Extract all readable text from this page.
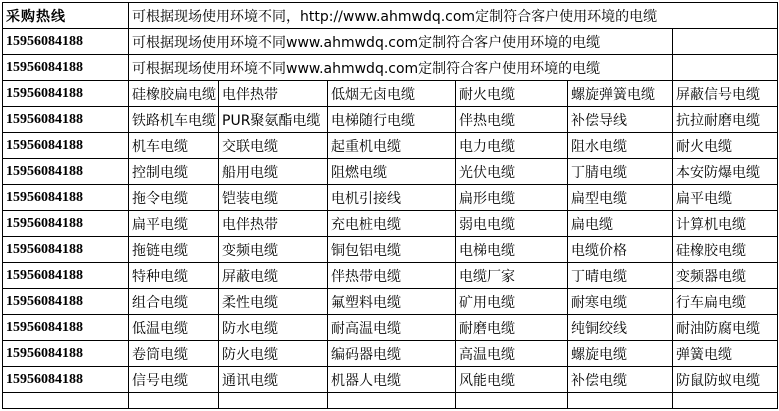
采购热线	可根据现场使用环境不同，http://www.ahmwdq.com定制符合客户使用环境的电缆					
15956084188	可根据现场使用环境不同www.ahmwdq.com定制符合客户使用环境的电缆					
15956084188	可根据现场使用环境不同www.ahmwdq.com定制符合客户使用环境的电缆					
15956084188	硅橡胶扁电缆	电伴热带	低烟无卤电缆	耐火电缆	螺旋弹簧电缆	屏蔽信号电缆
15956084188	铁路机车电缆	PUR聚氨酯电缆	电梯随行电缆	伴热电缆	补偿导线	抗拉耐磨电缆
15956084188	机车电缆	交联电缆	起重机电缆	电力电缆	阻水电缆	耐火电缆
15956084188	控制电缆	船用电缆	阻燃电缆	光伏电缆	丁腈电缆	本安防爆电缆
15956084188	拖令电缆	铠装电缆	电机引接线	扁形电缆	扁型电缆	扁平电缆
15956084188	扁平电缆	电伴热带	充电桩电缆	弱电电缆	扁电缆	计算机电缆
15956084188	拖链电缆	变频电缆	铜包铝电缆	电梯电缆	电缆价格	硅橡胶电缆
15956084188	特种电缆	屏蔽电缆	伴热带电缆	电缆厂家	丁晴电缆	变频器电缆
15956084188	组合电缆	柔性电缆	氟塑料电缆	矿用电缆	耐寒电缆	行车扁电缆
15956084188	低温电缆	防水电缆	耐高温电缆	耐磨电缆	纯铜绞线	耐油防腐电缆
15956084188	卷筒电缆	防火电缆	编码器电缆	高温电缆	螺旋电缆	弹簧电缆
15956084188	信号电缆	通讯电缆	机器人电缆	风能电缆	补偿电缆	防鼠防蚁电缆
